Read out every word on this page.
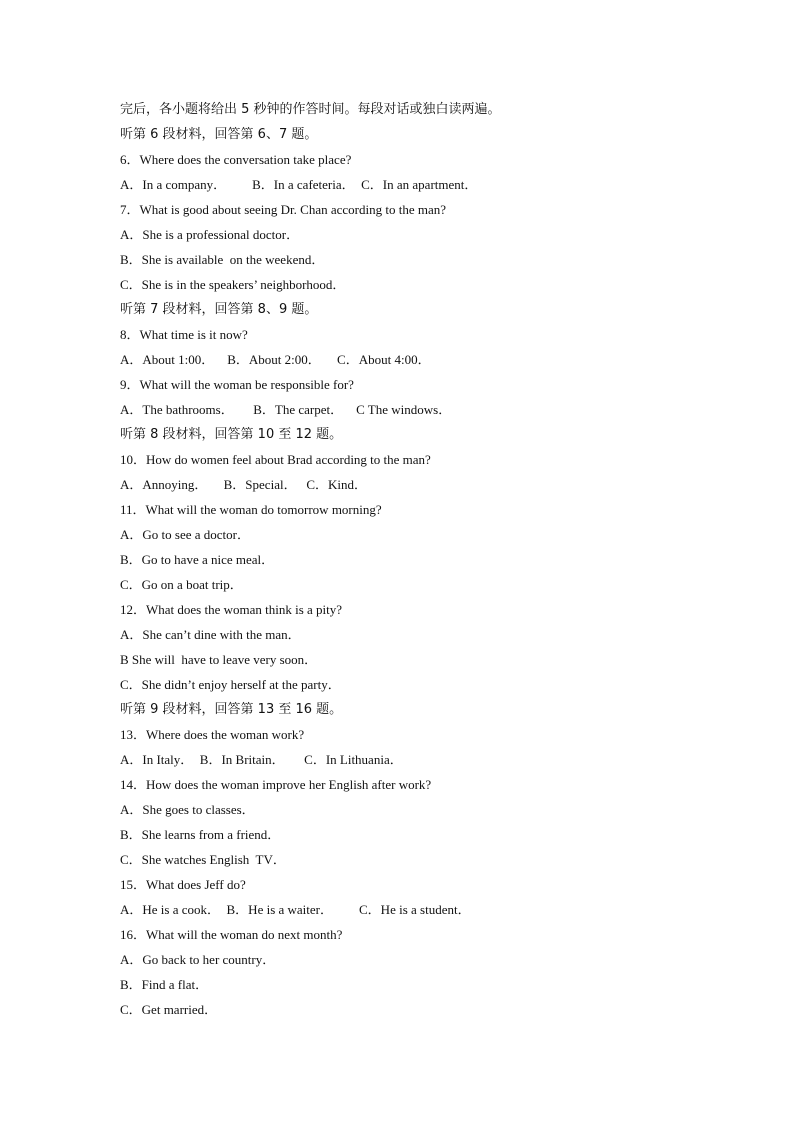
完后，各小题将给出 5 秒钟的作答时间。每段对话或独白读两遍。
听第 6 段材料，回答第 6、7 题。
6．Where does the conversation take place?
A．In a company．        B．In a cafeteria．  C．In an apartment．
7．What is good about seeing Dr. Chan according to the man?
A．She is a professional doctor．
B．She is available  on the weekend．
C．She is in the speakers’ neighborhood．
听第 7 段材料，回答第 8、9 题。
8．What time is it now?
A．About 1:00．    B．About 2:00．     C．About 4:00．
9．What will the woman be responsible for?
A．The bathrooms．      B．The carpet．    C The windows．
听第 8 段材料，回答第 10 至 12 题。
10．How do women feel about Brad according to the man?
A．Annoying．     B．Special．   C．Kind．
11．What will the woman do tomorrow morning?
A．Go to see a doctor．
B．Go to have a nice meal．
C．Go on a boat trip．
12．What does the woman think is a pity?
A．She can’t dine with the man．
B She will  have to leave very soon．
C．She didn’t enjoy herself at the party．
听第 9 段材料，回答第 13 至 16 题。
13．Where does the woman work?
A．In Italy．  B．In Britain．      C．In Lithuania．
14．How does the woman improve her English after work?
A．She goes to classes．
B．She learns from a friend．
C．She watches English  TV．
15．What does Jeff do?
A．He is a cook．  B．He is a waiter．        C．He is a student．
16．What will the woman do next month?
A．Go back to her country．
B．Find a flat．
C．Get married．
